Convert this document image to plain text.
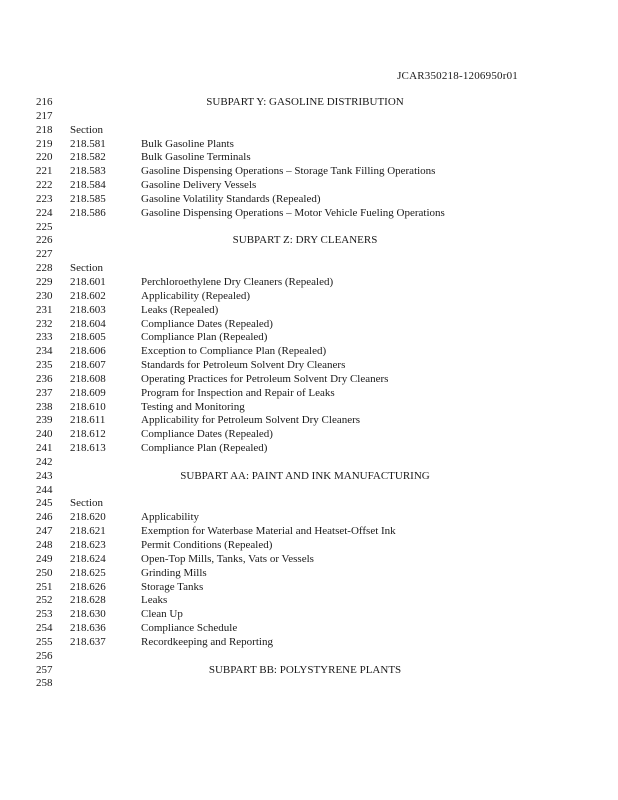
JCAR350218-1206950r01
216	SUBPART Y: GASOLINE DISTRIBUTION
217
218	Section
219	218.581	Bulk Gasoline Plants
220	218.582	Bulk Gasoline Terminals
221	218.583	Gasoline Dispensing Operations – Storage Tank Filling Operations
222	218.584	Gasoline Delivery Vessels
223	218.585	Gasoline Volatility Standards (Repealed)
224	218.586	Gasoline Dispensing Operations – Motor Vehicle Fueling Operations
225
226	SUBPART Z: DRY CLEANERS
227
228	Section
229	218.601	Perchloroethylene Dry Cleaners (Repealed)
230	218.602	Applicability (Repealed)
231	218.603	Leaks (Repealed)
232	218.604	Compliance Dates (Repealed)
233	218.605	Compliance Plan (Repealed)
234	218.606	Exception to Compliance Plan (Repealed)
235	218.607	Standards for Petroleum Solvent Dry Cleaners
236	218.608	Operating Practices for Petroleum Solvent Dry Cleaners
237	218.609	Program for Inspection and Repair of Leaks
238	218.610	Testing and Monitoring
239	218.611	Applicability for Petroleum Solvent Dry Cleaners
240	218.612	Compliance Dates (Repealed)
241	218.613	Compliance Plan (Repealed)
242
243	SUBPART AA: PAINT AND INK MANUFACTURING
244
245	Section
246	218.620	Applicability
247	218.621	Exemption for Waterbase Material and Heatset-Offset Ink
248	218.623	Permit Conditions (Repealed)
249	218.624	Open-Top Mills, Tanks, Vats or Vessels
250	218.625	Grinding Mills
251	218.626	Storage Tanks
252	218.628	Leaks
253	218.630	Clean Up
254	218.636	Compliance Schedule
255	218.637	Recordkeeping and Reporting
256
257	SUBPART BB: POLYSTYRENE PLANTS
258
